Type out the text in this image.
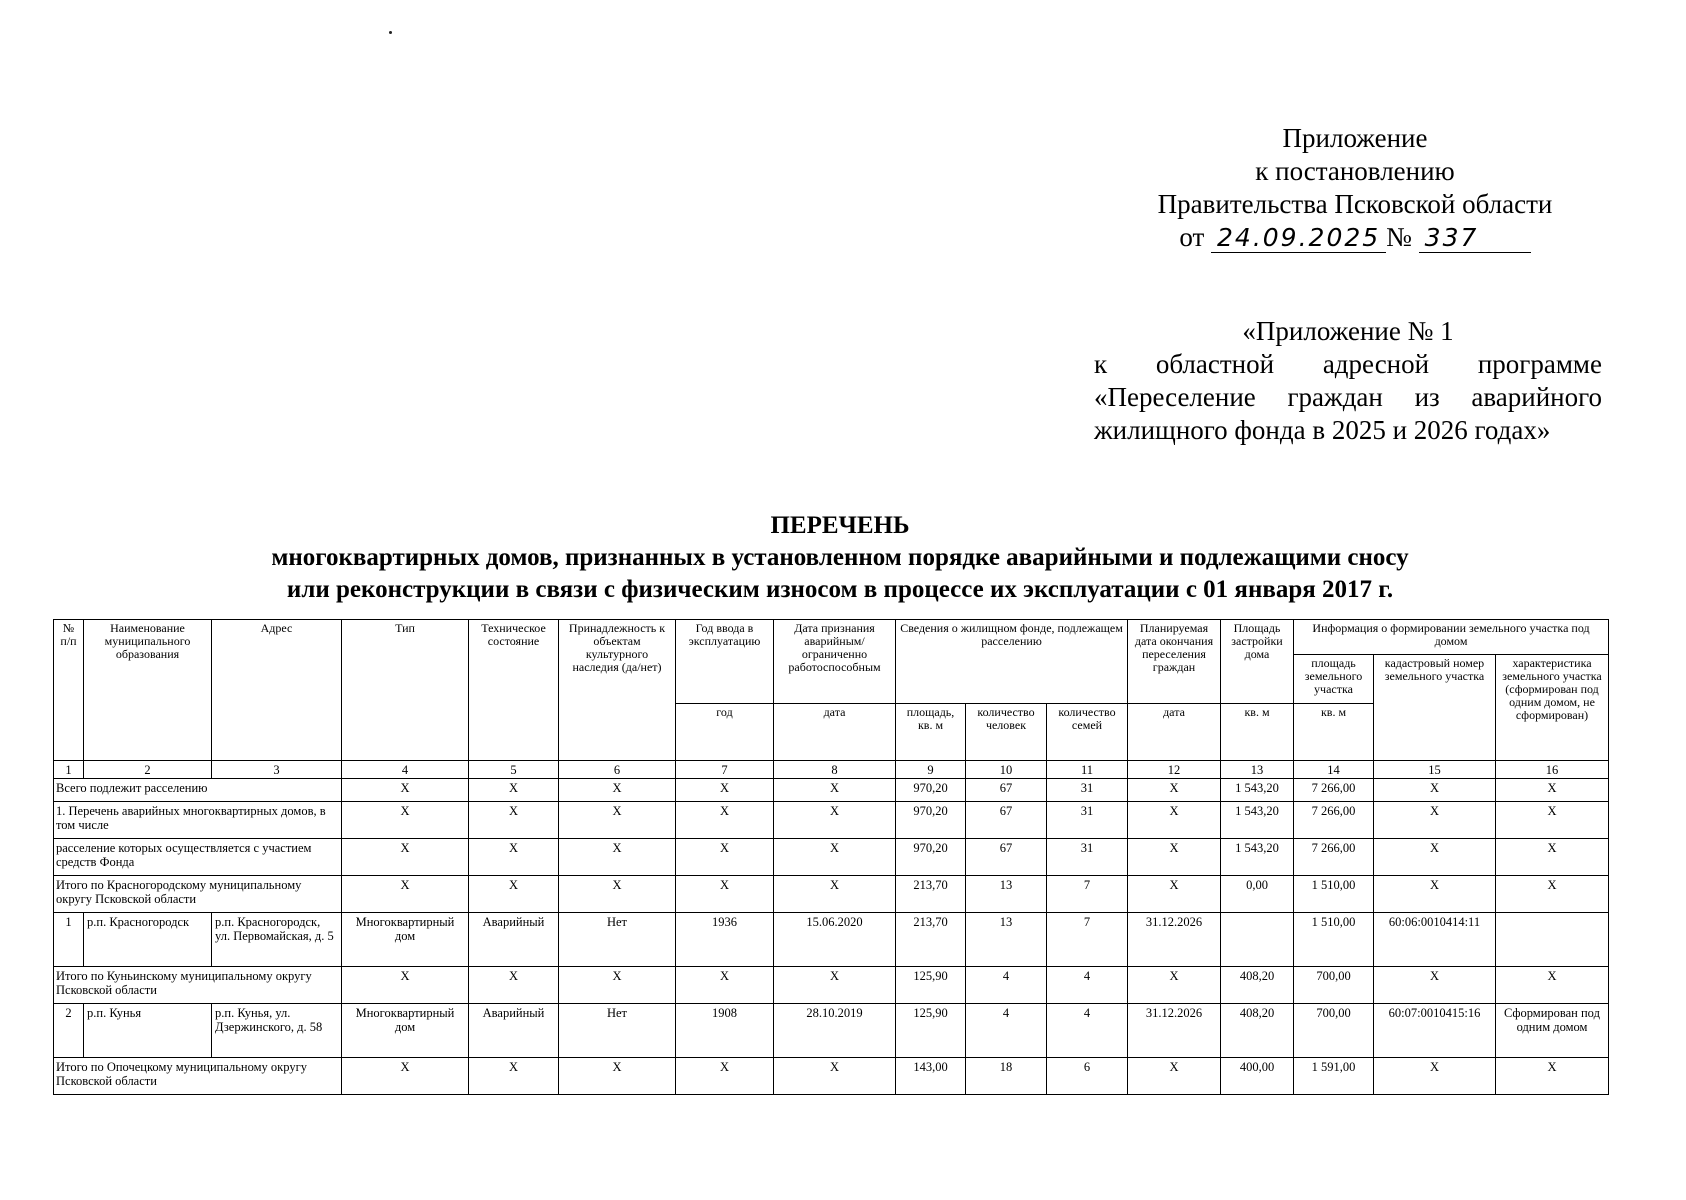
Приложение
к постановлению
Правительства Псковской области
от 24.09.2025 № 337
«Приложение № 1
к областной адресной программе
«Переселение граждан из аварийного
жилищного фонда в 2025 и 2026 годах»
ПЕРЕЧЕНЬ
многоквартирных домов, признанных в установленном порядке аварийными и подлежащими сносу
или реконструкции в связи с физическим износом в процессе их эксплуатации с 01 января 2017 г.
№ п/п	Наименование муниципального образования	Адрес	Тип	Техническое состояние	Принадлежность к объектам культурного наследия (да/нет)	Год ввода в эксплуатацию	Дата признания аварийным/ ограниченно работоспособным	Сведения о жилищном фонде, подлежащем расселению			Планируемая дата окончания переселения граждан	Площадь застройки дома	Информация о формировании земельного участка под домом		
													площадь земельного участка	кадастровый номер земельного участка	характеристика земельного участка (сформирован под одним домом, не сформирован)
						год	дата	площадь, кв. м	количество человек	количество семей	дата	кв. м	кв. м		
1	2	3	4	5	6	7	8	9	10	11	12	13	14	15	16
Всего подлежит расселению			X	X	X	X	X	970,20	67	31	X	1 543,20	7 266,00	X	X
1. Перечень аварийных многоквартирных домов, в том числе			X	X	X	X	X	970,20	67	31	X	1 543,20	7 266,00	X	X
расселение которых осуществляется с участием средств Фонда			X	X	X	X	X	970,20	67	31	X	1 543,20	7 266,00	X	X
Итого по Красногородскому муниципальному округу Псковской области			X	X	X	X	X	213,70	13	7	X	0,00	1 510,00	X	X
1	р.п. Красногородск	р.п. Красногородск, ул. Первомайская, д. 5	Многоквартирный дом	Аварийный	Нет	1936	15.06.2020	213,70	13	7	31.12.2026		1 510,00	60:06:0010414:11	
Итого по Куньинскому муниципальному округу Псковской области			X	X	X	X	X	125,90	4	4	X	408,20	700,00	X	X
2	р.п. Кунья	р.п. Кунья, ул. Дзержинского, д. 58	Многоквартирный дом	Аварийный	Нет	1908	28.10.2019	125,90	4	4	31.12.2026	408,20	700,00	60:07:0010415:16	Сформирован под одним домом
Итого по Опочецкому муниципальному округу Псковской области			X	X	X	X	X	143,00	18	6	X	400,00	1 591,00	X	X
